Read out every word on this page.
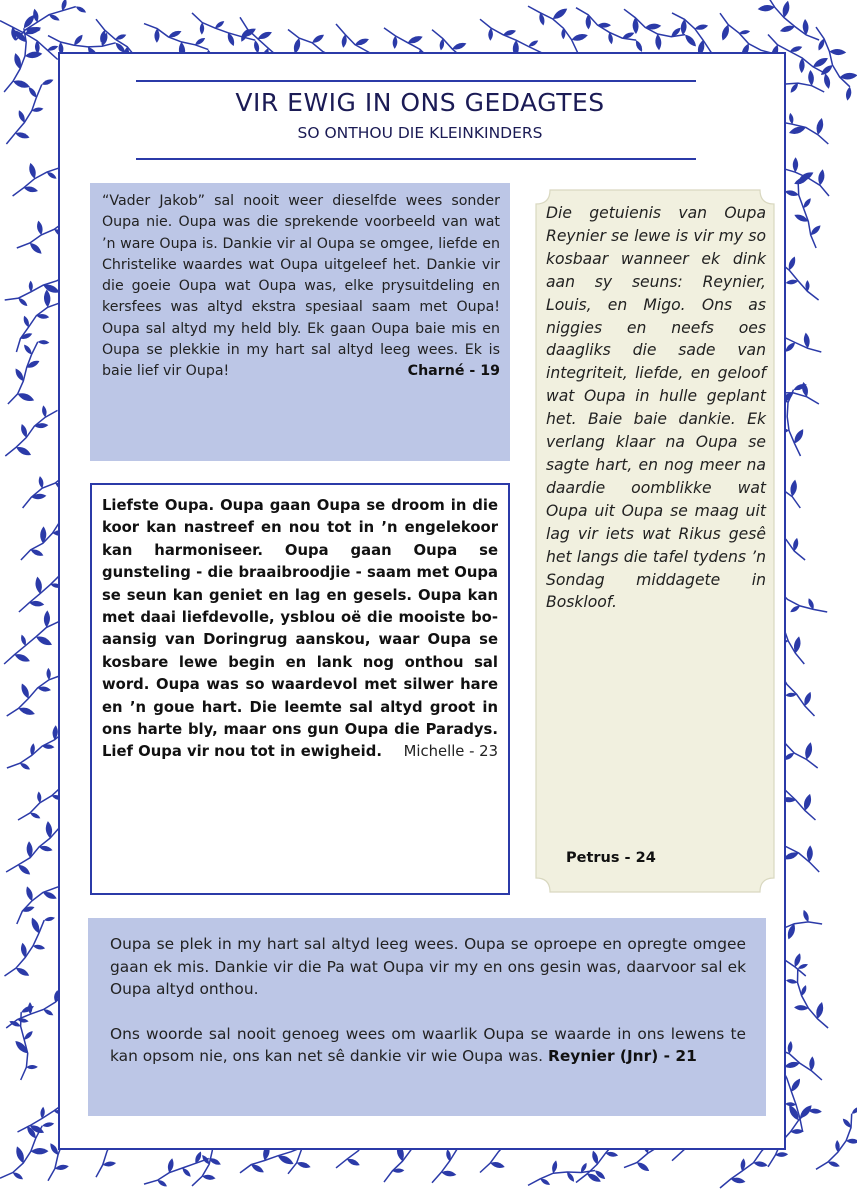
VIR EWIG IN ONS GEDAGTES
SO ONTHOU DIE KLEINKINDERS
“Vader Jakob” sal nooit weer dieselfde wees sonder Oupa nie. Oupa was die sprekende voorbeeld van wat ’n ware Oupa is. Dankie vir al Oupa se omgee, liefde en Christelike waardes wat Oupa uitgeleef het. Dankie vir die goeie Oupa wat Oupa was, elke prysuitdeling en kersfees was altyd ekstra spesiaal saam met Oupa! Oupa sal altyd my held bly. Ek gaan Oupa baie mis en Oupa se plekkie in my hart sal altyd leeg wees. Ek is baie lief vir Oupa!	Charné - 19
Liefste Oupa. Oupa gaan Oupa se droom in die koor kan nastreef en nou tot in ’n engelekoor kan harmoniseer. Oupa gaan Oupa se gunsteling - die braaibroodjie - saam met Oupa se seun kan geniet en lag en gesels. Oupa kan met daai liefdevolle, ysblou oë die mooiste bo-aansig van Doringrug aanskou, waar Oupa se kosbare lewe begin en lank nog onthou sal word. Oupa was so waardevol met silwer hare en ’n goue hart. Die leemte sal altyd groot in ons harte bly, maar ons gun Oupa die Paradys. Lief Oupa vir nou tot in ewigheid. Michelle - 23
Die getuienis van Oupa Reynier se lewe is vir my so kosbaar wanneer ek dink aan sy seuns: Reynier, Louis, en Migo. Ons as niggies en neefs oes daagliks die sade van integriteit, liefde, en geloof wat Oupa in hulle geplant het. Baie baie dankie. Ek verlang klaar na Oupa se sagte hart, en nog meer na daardie oomblikke wat Oupa uit Oupa se maag uit lag vir iets wat Rikus gesê het langs die tafel tydens ’n Sondag middagete in Boskloof.
Petrus - 24

Oupa se plek in my hart sal altyd leeg wees. Oupa se oproepe en opregte omgee gaan ek mis. Dankie vir die Pa wat Oupa vir my en ons gesin was, daarvoor sal ek Oupa altyd onthou.

Ons woorde sal nooit genoeg wees om waarlik Oupa se waarde in ons lewens te kan opsom nie, ons kan net sê dankie vir wie Oupa was. Reynier (Jnr) - 21
